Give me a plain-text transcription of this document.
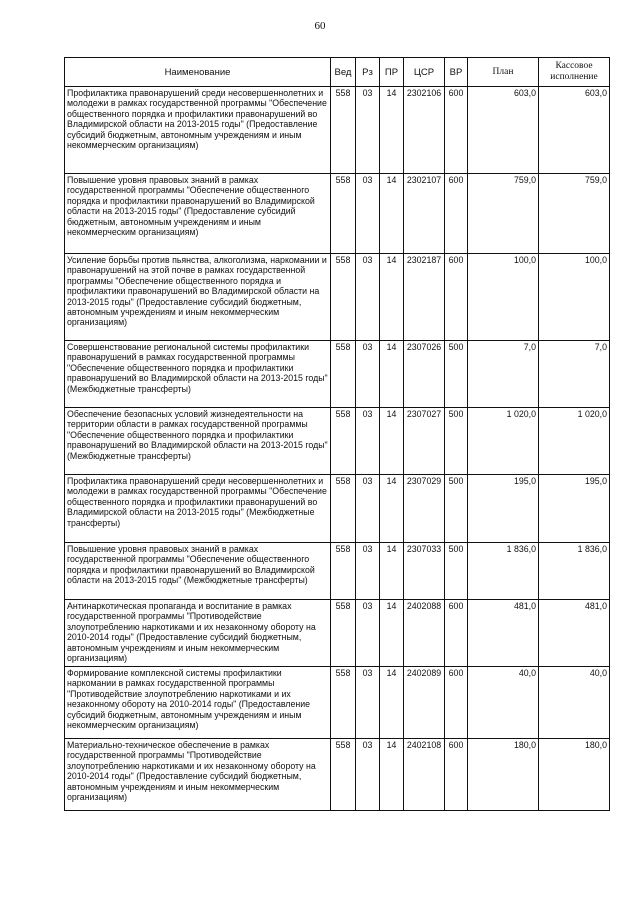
60
Наименование	Вед	Рз	ПР	ЦСР	ВР	План	Кассовое исполнение
Профилактика правонарушений среди несовершеннолетних и молодежи в рамках государственной программы "Обеспечение общественного порядка и профилактики правонарушений во Владимирской области на 2013-2015 годы" (Предоставление субсидий бюджетным, автономным учреждениям и иным некоммерческим организациям)	558	03	14	2302106	600	603,0	603,0
Повышение уровня правовых знаний в рамках государственной программы "Обеспечение общественного порядка и профилактики правонарушений во Владимирской области на 2013-2015 годы" (Предоставление субсидий бюджетным, автономным учреждениям и иным некоммерческим организациям)	558	03	14	2302107	600	759,0	759,0
Усиление борьбы против пьянства, алкоголизма, наркомании и правонарушений на этой почве в рамках государственной программы "Обеспечение общественного порядка и профилактики правонарушений во Владимирской области на 2013-2015 годы" (Предоставление субсидий бюджетным, автономным учреждениям и иным некоммерческим организациям)	558	03	14	2302187	600	100,0	100,0
Совершенствование региональной системы профилактики правонарушений в рамках государственной программы "Обеспечение общественного порядка и профилактики правонарушений во Владимирской области на 2013-2015 годы" (Межбюджетные трансферты)	558	03	14	2307026	500	7,0	7,0
Обеспечение безопасных условий жизнедеятельности на территории области в рамках государственной программы "Обеспечение общественного порядка и профилактики правонарушений во Владимирской области на 2013-2015 годы" (Межбюджетные трансферты)	558	03	14	2307027	500	1 020,0	1 020,0
Профилактика правонарушений среди несовершеннолетних и молодежи в рамках государственной программы "Обеспечение общественного порядка и профилактики правонарушений во Владимирской области на 2013-2015 годы" (Межбюджетные трансферты)	558	03	14	2307029	500	195,0	195,0
Повышение уровня правовых знаний в рамках государственной программы "Обеспечение общественного порядка и профилактики правонарушений во Владимирской области на 2013-2015 годы" (Межбюджетные трансферты)	558	03	14	2307033	500	1 836,0	1 836,0
Антинаркотическая пропаганда и воспитание в рамках государственной программы "Противодействие злоупотреблению наркотиками и их незаконному обороту на 2010-2014 годы" (Предоставление субсидий бюджетным, автономным учреждениям и иным некоммерческим организациям)	558	03	14	2402088	600	481,0	481,0
Формирование комплексной системы профилактики наркомании в рамках государственной программы "Противодействие злоупотреблению наркотиками и их незаконному обороту на 2010-2014 годы" (Предоставление субсидий бюджетным, автономным учреждениям и иным некоммерческим организациям)	558	03	14	2402089	600	40,0	40,0
Материально-техническое обеспечение в рамках государственной программы "Противодействие злоупотреблению наркотиками и их незаконному обороту на 2010-2014 годы" (Предоставление субсидий бюджетным, автономным учреждениям и иным некоммерческим организациям)	558	03	14	2402108	600	180,0	180,0
